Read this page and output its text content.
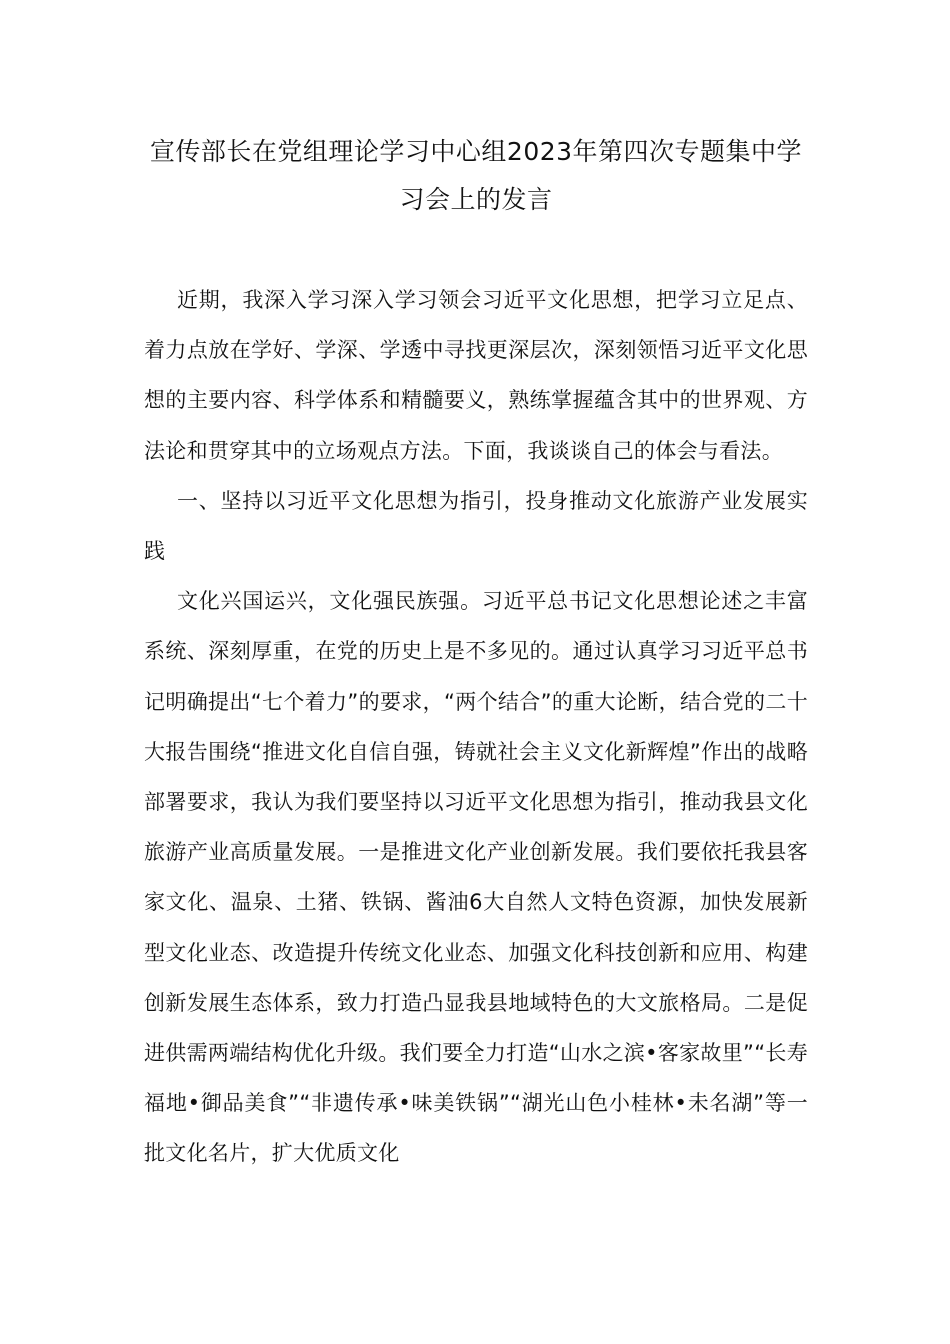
宣传部长在党组理论学习中心组2023年第四次专题集中学习会上的发言

近期，我深入学习深入学习领会习近平文化思想，把学习立足点、着力点放在学好、学深、学透中寻找更深层次，深刻领悟习近平文化思想的主要内容、科学体系和精髓要义，熟练掌握蕴含其中的世界观、方法论和贯穿其中的立场观点方法。下面，我谈谈自己的体会与看法。

一、坚持以习近平文化思想为指引，投身推动文化旅游产业发展实践

文化兴国运兴，文化强民族强。习近平总书记文化思想论述之丰富系统、深刻厚重，在党的历史上是不多见的。通过认真学习习近平总书记明确提出“七个着力”的要求，“两个结合”的重大论断，结合党的二十大报告围绕“推进文化自信自强，铸就社会主义文化新辉煌”作出的战略部署要求，我认为我们要坚持以习近平文化思想为指引，推动我县文化旅游产业高质量发展。一是推进文化产业创新发展。我们要依托我县客家文化、温泉、土猪、铁锅、酱油6大自然人文特色资源，加快发展新型文化业态、改造提升传统文化业态、加强文化科技创新和应用、构建创新发展生态体系，致力打造凸显我县地域特色的大文旅格局。二是促进供需两端结构优化升级。我们要全力打造“山水之滨•客家故里”“长寿福地•御品美食”“非遗传承•味美铁锅”“湖光山色小桂林•未名湖”等一批文化名片，扩大优质文化
